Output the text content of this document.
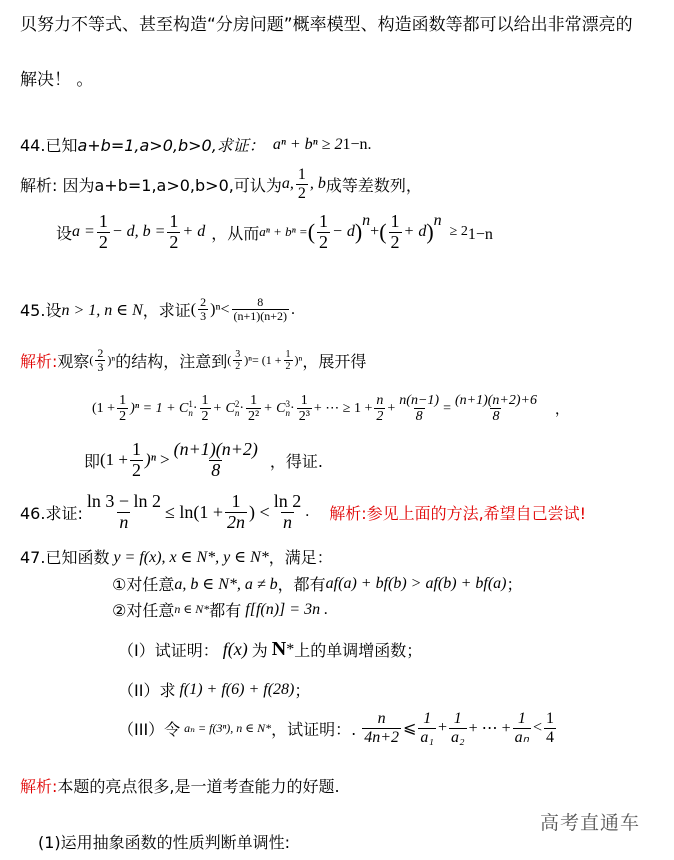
贝努力不等式、甚至构造“分房问题”概率模型、构造函数等都可以给出非常漂亮的
解决！ 。
44.已知 a+b=1,a>0,b>0,求证： aⁿ + bⁿ ≥ 2 1−n.
解析: 因为 a+b=1,a>0,b>0,可认为 a, $\frac{1}{2}$ , b 成等差数列，
设 $a = \frac{1}{2} - d$, $b = \frac{1}{2} + d$ ，从而 aⁿ + bⁿ = ( $\frac{1}{2} - d$ ) n
+ ( $\frac{1}{2} + d$ ) n
≥ 2 1−n
45.设 n > 1, n ∈ N ，求证 ( $\frac{2}{3} )^n < \frac{8}{(n+1)(n+2)}$ .
解析: 观察 ( $\frac{2}{3} )^n$ 的结构，注意到 ( $\frac{3}{2} )^n = (1 + \frac{1}{2} )^n$ ，展开得
$(1 + \frac{1}{2} )^n = 1 + C$ 1
$n \cdot \frac{1}{2} + C$ 2
$n \cdot \frac{1}{\text{2²}} + C$ 3
$n \cdot \frac{1}{\text{2³}}$ + ⋯ ≥ $1 + \frac{n}{2} + \frac{n(n-1)}{8} = \frac{(n+1)(n+2)+6}{8}$ ，
即 $(1 + \frac{1}{2} )^n > \frac{(n+1)(n+2)}{8}$ ，得证.
46.求证: $\frac{\ln 3 - \ln 2}{n} \le \ln(1 + \frac{1}{2n}$ ) < $\frac{\ln 2}{n}$ . 解析:参见上面的方法,希望自己尝试!
47.已知函数 y = f(x), x ∈ N*, y ∈ N* ，满足：
①对任意 a, b ∈ N*, a ≠ b ，都有 af(a) + bf(b) > af(b) + bf(a) ；
②对任意 n ∈ N* 都有 f[f(n)] = 3n .
（I）试证明： f(x) 为 N * 上的单调增函数；
（II）求 f(1) + f(6) + f(28) ；
（III）令 aₙ = f(3ⁿ), n ∈ N* ，试证明：. $\frac{n}{4n+2}$ ⩽ $\frac{1}{\text{a₁}} + \frac{1}{\text{a₂}}$ + ⋯ + $\frac{1}{\text{aₙ}} < \frac{1}{4}$
解析: 本题的亮点很多,是一道考查能力的好题.
(1)运用抽象函数的性质判断单调性:
高考直通车
